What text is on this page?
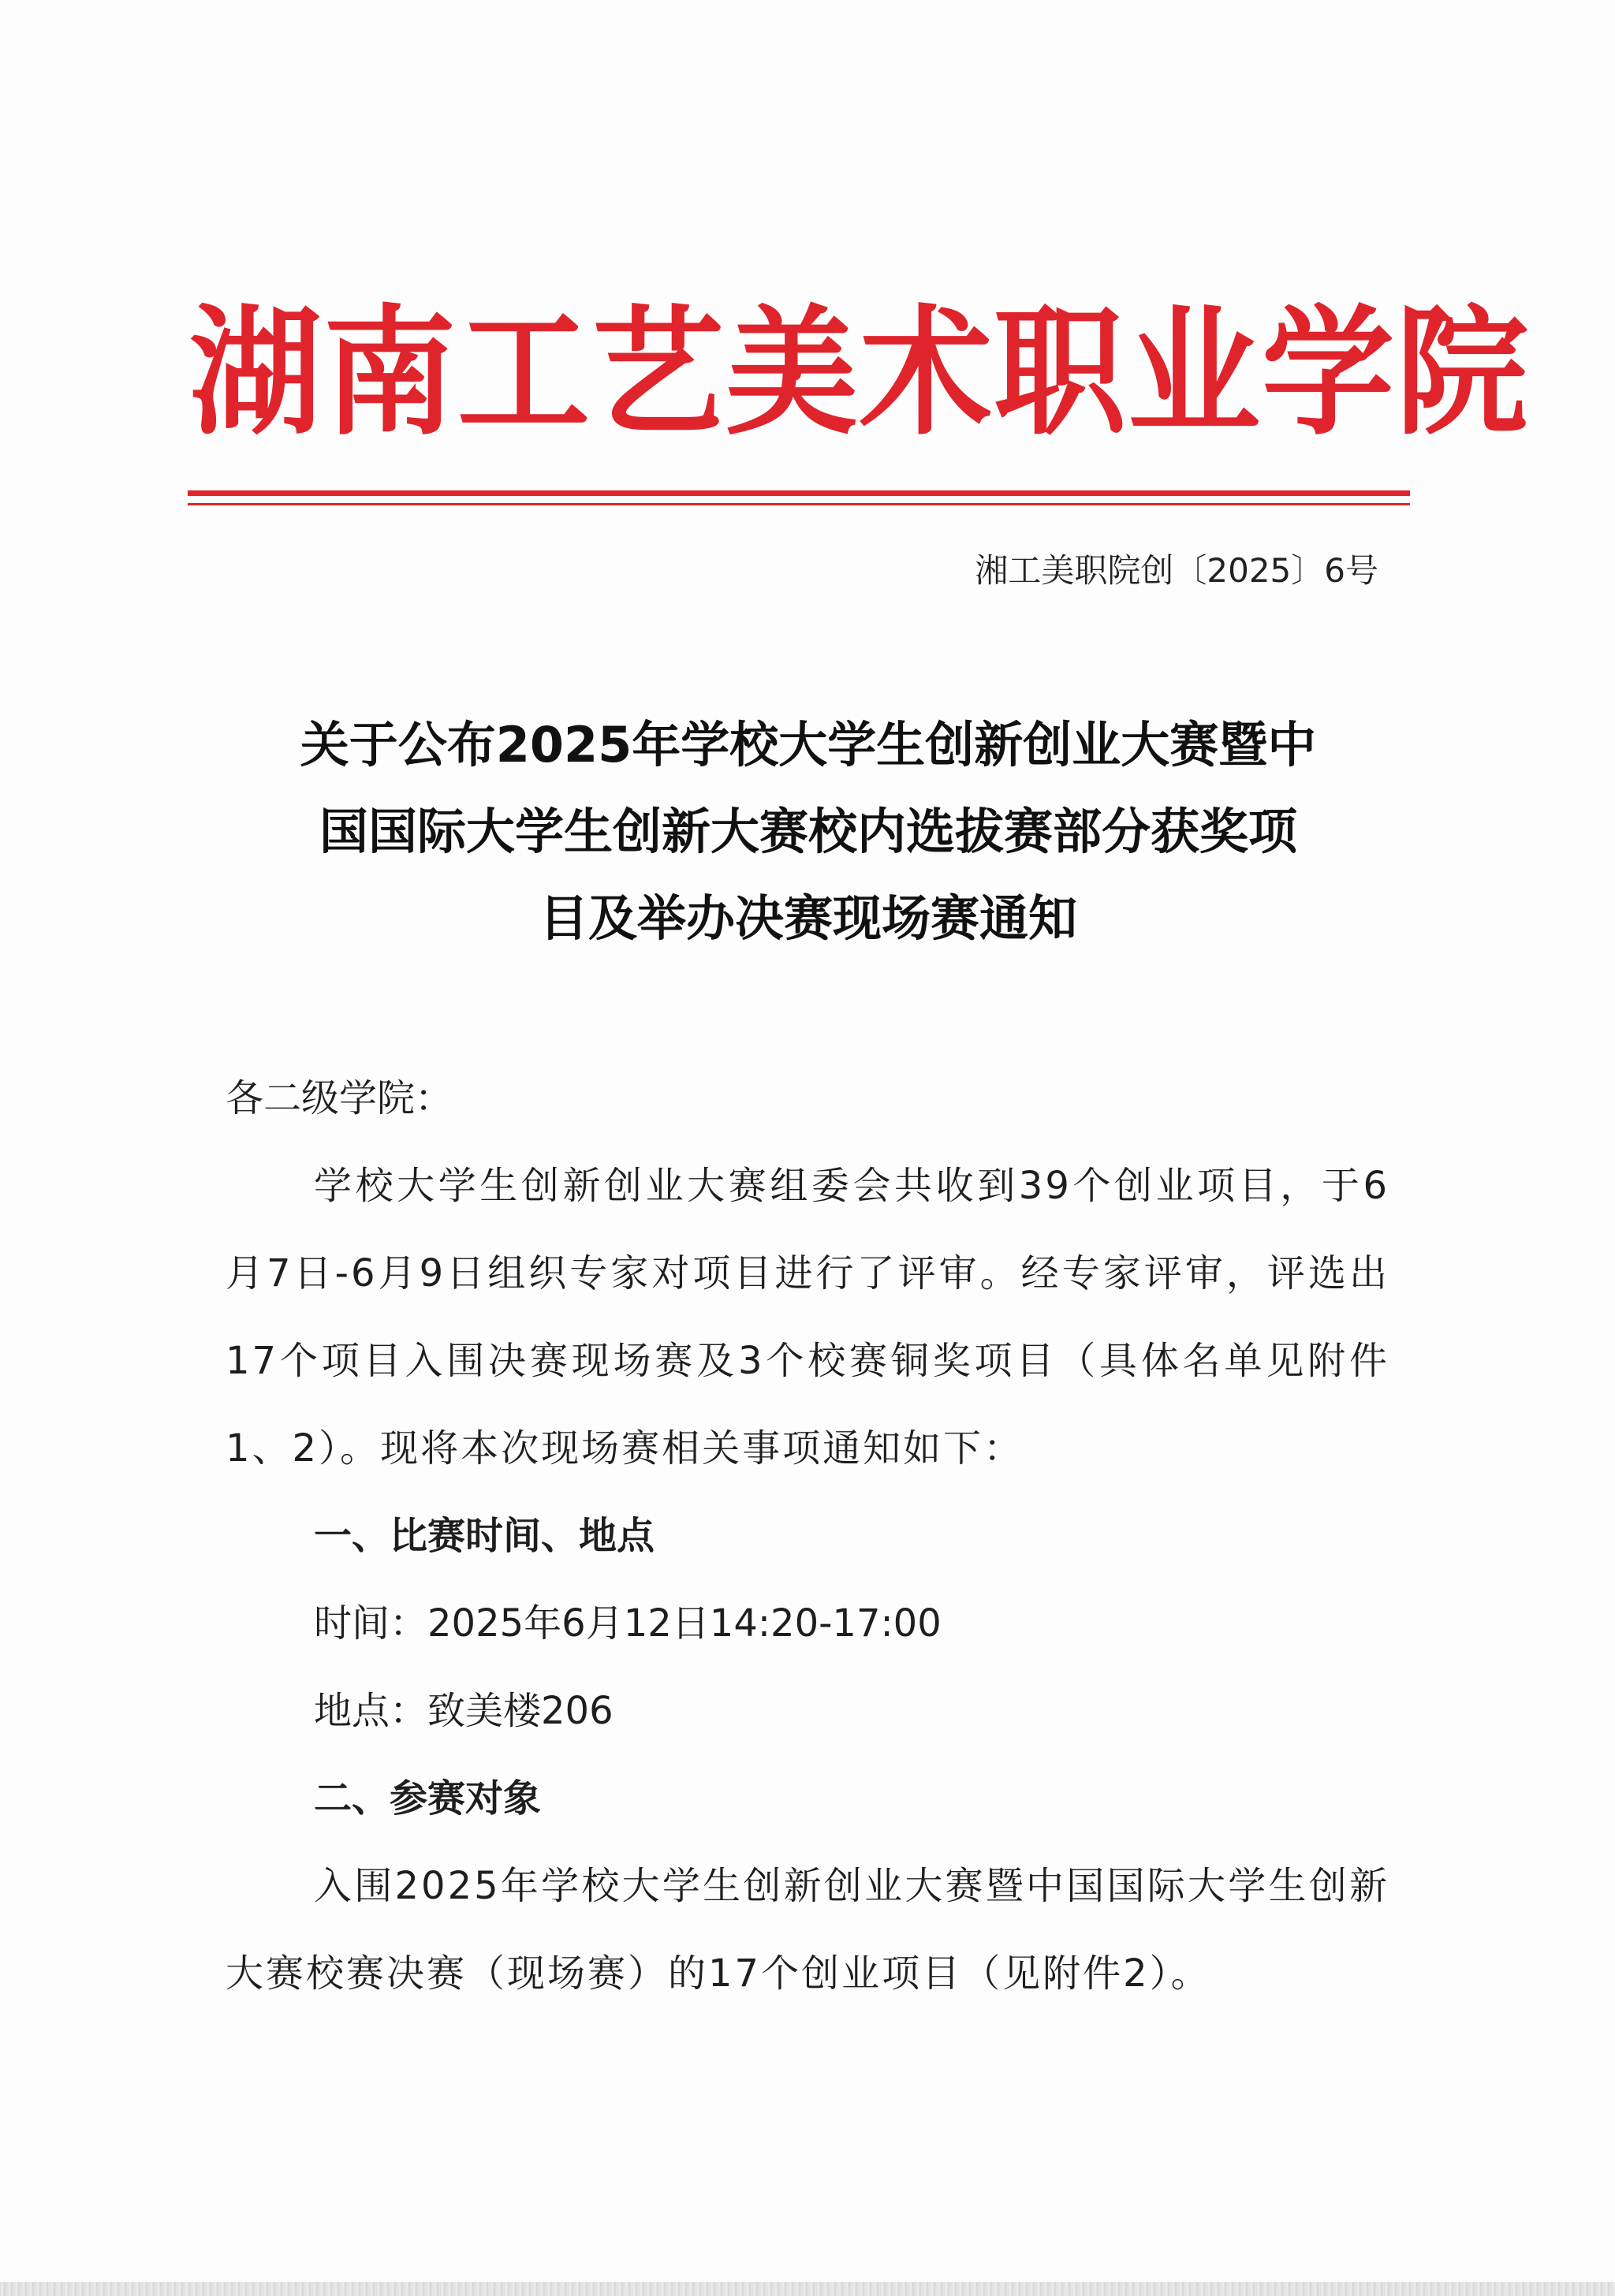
湖南工艺美术职业学院
湘工美职院创〔2025〕6号
关于公布2025年学校大学生创新创业大赛暨中
国国际大学生创新大赛校内选拔赛部分获奖项
目及举办决赛现场赛通知

各二级学院：

学校大学生创新创业大赛组委会共收到39个创业项目，于6月7日-6月9日组织专家对项目进行了评审。经专家评审，评选出17个项目入围决赛现场赛及3个校赛铜奖项目（具体名单见附件1、2）。现将本次现场赛相关事项通知如下：

一、比赛时间、地点

时间：2025年6月12日14:20-17:00

地点：致美楼206

二、参赛对象

入围2025年学校大学生创新创业大赛暨中国国际大学生创新大赛校赛决赛（现场赛）的17个创业项目（见附件2）。
